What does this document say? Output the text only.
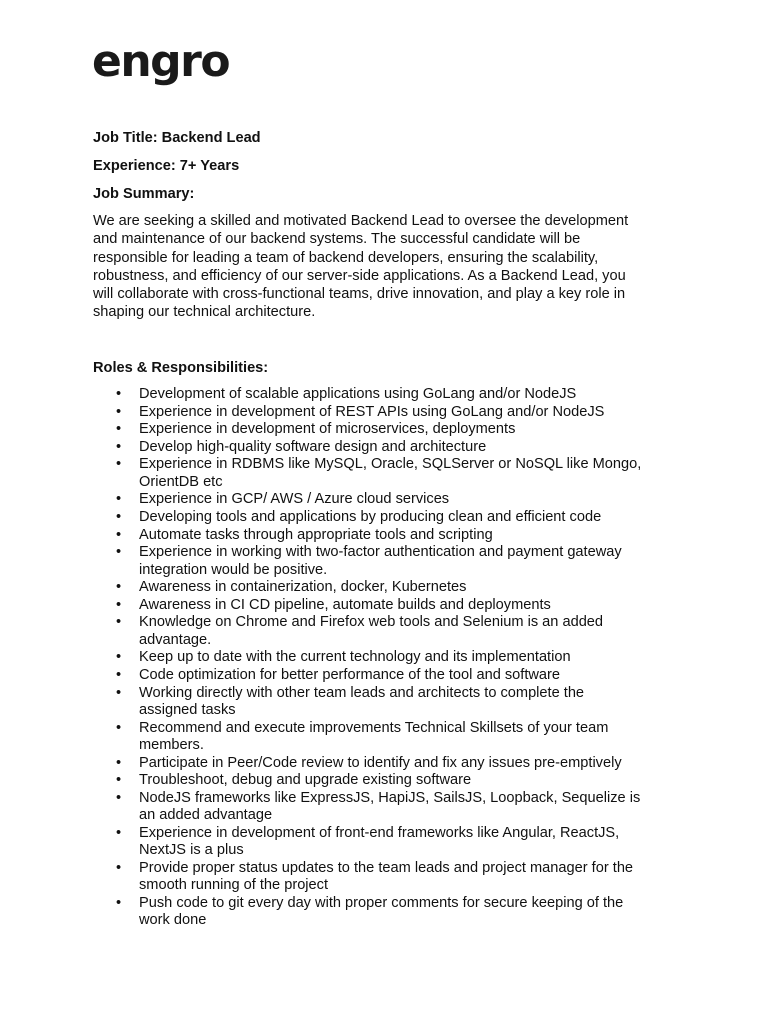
engro
Job Title: Backend Lead
Experience: 7+ Years
Job Summary:
We are seeking a skilled and motivated Backend Lead to oversee the development
and maintenance of our backend systems. The successful candidate will be
responsible for leading a team of backend developers, ensuring the scalability,
robustness, and efficiency of our server-side applications. As a Backend Lead, you
will collaborate with cross-functional teams, drive innovation, and play a key role in
shaping our technical architecture.
Roles & Responsibilities:
• Development of scalable applications using GoLang and/or NodeJS
• Experience in development of REST APIs using GoLang and/or NodeJS
• Experience in development of microservices, deployments
• Develop high-quality software design and architecture
• Experience in RDBMS like MySQL, Oracle, SQLServer or NoSQL like Mongo,
OrientDB etc
• Experience in GCP/ AWS / Azure cloud services
• Developing tools and applications by producing clean and efficient code
• Automate tasks through appropriate tools and scripting
• Experience in working with two-factor authentication and payment gateway
integration would be positive.
• Awareness in containerization, docker, Kubernetes
• Awareness in CI CD pipeline, automate builds and deployments
• Knowledge on Chrome and Firefox web tools and Selenium is an added
advantage.
• Keep up to date with the current technology and its implementation
• Code optimization for better performance of the tool and software
• Working directly with other team leads and architects to complete the
assigned tasks
• Recommend and execute improvements Technical Skillsets of your team
members.
• Participate in Peer/Code review to identify and fix any issues pre-emptively
• Troubleshoot, debug and upgrade existing software
• NodeJS frameworks like ExpressJS, HapiJS, SailsJS, Loopback, Sequelize is
an added advantage
• Experience in development of front-end frameworks like Angular, ReactJS,
NextJS is a plus
• Provide proper status updates to the team leads and project manager for the
smooth running of the project
• Push code to git every day with proper comments for secure keeping of the
work done
